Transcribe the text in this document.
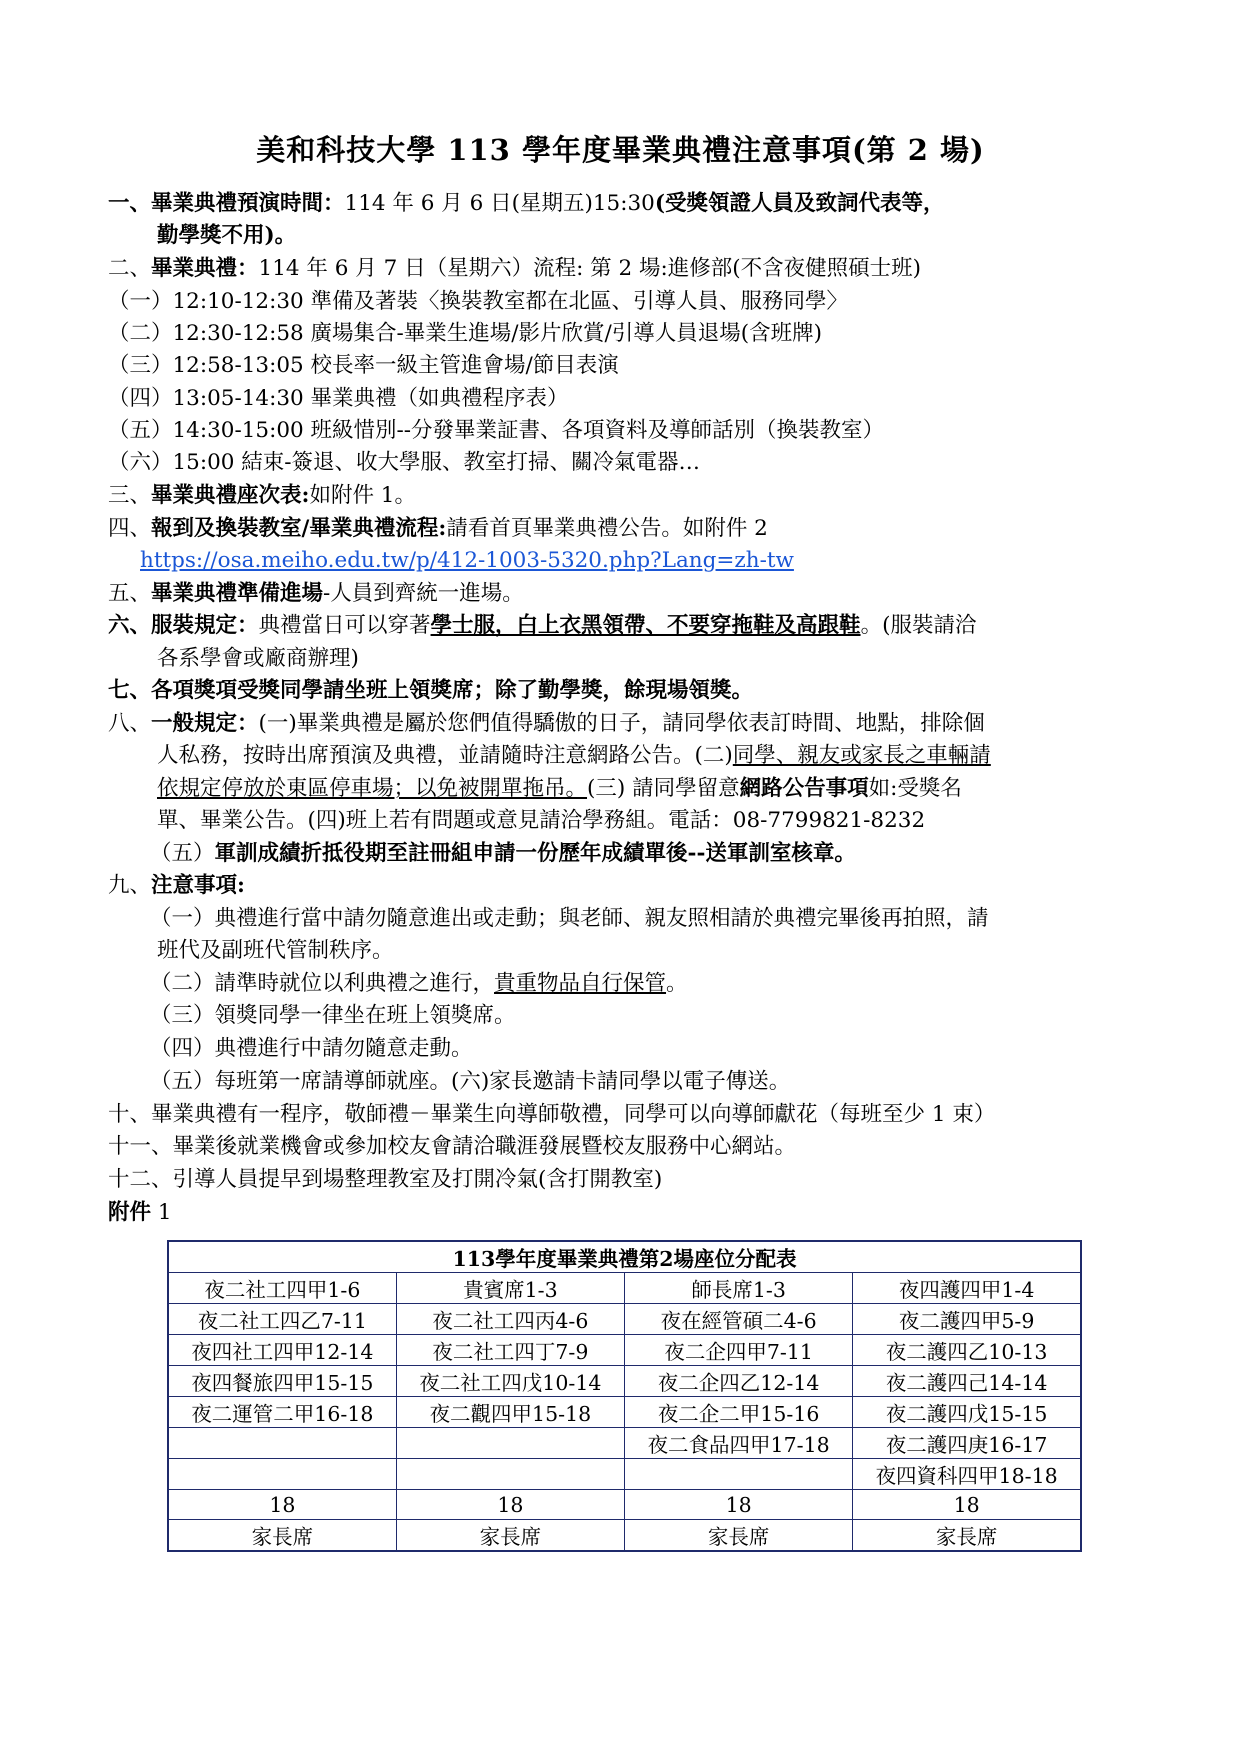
美和科技大學 113 學年度畢業典禮注意事項(第 2 場)
一、畢業典禮預演時間：114 年 6 月 6 日(星期五)15:30(受獎領證人員及致詞代表等，
勤學獎不用)。
二、畢業典禮：114 年 6 月 7 日（星期六）流程: 第 2 場:進修部(不含夜健照碩士班)
（一）12:10-12:30 準備及著裝〈換裝教室都在北區、引導人員、服務同學〉
（二）12:30-12:58 廣場集合-畢業生進場/影片欣賞/引導人員退場(含班牌)
（三）12:58-13:05 校長率一級主管進會場/節目表演
（四）13:05-14:30 畢業典禮（如典禮程序表）
（五）14:30-15:00 班級惜別--分發畢業証書、各項資料及導師話別（換裝教室）
（六）15:00 結束-簽退、收大學服、教室打掃、關冷氣電器…
三、畢業典禮座次表:如附件 1。
四、報到及換裝教室/畢業典禮流程:請看首頁畢業典禮公告。如附件 2
https://osa.meiho.edu.tw/p/412-1003-5320.php?Lang=zh-tw
五、畢業典禮準備進場-人員到齊統一進場。
六、服裝規定：典禮當日可以穿著學士服，白上衣黑領帶、不要穿拖鞋及高跟鞋。(服裝請洽
各系學會或廠商辦理)
七、各項獎項受獎同學請坐班上領獎席；除了勤學獎，餘現場領獎。
八、一般規定：(一)畢業典禮是屬於您們值得驕傲的日子，請同學依表訂時間、地點，排除個
人私務，按時出席預演及典禮，並請隨時注意網路公告。(二)同學、親友或家長之車輛請
依規定停放於東區停車場；以免被開單拖吊。(三) 請同學留意網路公告事項如:受獎名
單、畢業公告。(四)班上若有問題或意見請洽學務組。電話：08-7799821-8232
（五）軍訓成績折抵役期至註冊組申請一份歷年成績單後--送軍訓室核章。
九、注意事項:
（一）典禮進行當中請勿隨意進出或走動；與老師、親友照相請於典禮完畢後再拍照，請
班代及副班代管制秩序。
（二）請準時就位以利典禮之進行，貴重物品自行保管。
（三）領獎同學一律坐在班上領獎席。
（四）典禮進行中請勿隨意走動。
（五）每班第一席請導師就座。(六)家長邀請卡請同學以電子傳送。
十、畢業典禮有一程序，敬師禮－畢業生向導師敬禮，同學可以向導師獻花（每班至少 1 束）
十一、畢業後就業機會或參加校友會請洽職涯發展暨校友服務中心網站。
十二、引導人員提早到場整理教室及打開冷氣(含打開教室)
附件 1
113學年度畢業典禮第2場座位分配表			
夜二社工四甲1-6	貴賓席1-3	師長席1-3	夜四護四甲1-4
夜二社工四乙7-11	夜二社工四丙4-6	夜在經管碩二4-6	夜二護四甲5-9
夜四社工四甲12-14	夜二社工四丁7-9	夜二企四甲7-11	夜二護四乙10-13
夜四餐旅四甲15-15	夜二社工四戊10-14	夜二企四乙12-14	夜二護四己14-14
夜二運管二甲16-18	夜二觀四甲15-18	夜二企二甲15-16	夜二護四戊15-15
		夜二食品四甲17-18	夜二護四庚16-17
			夜四資科四甲18-18
18	18	18	18
家長席	家長席	家長席	家長席
